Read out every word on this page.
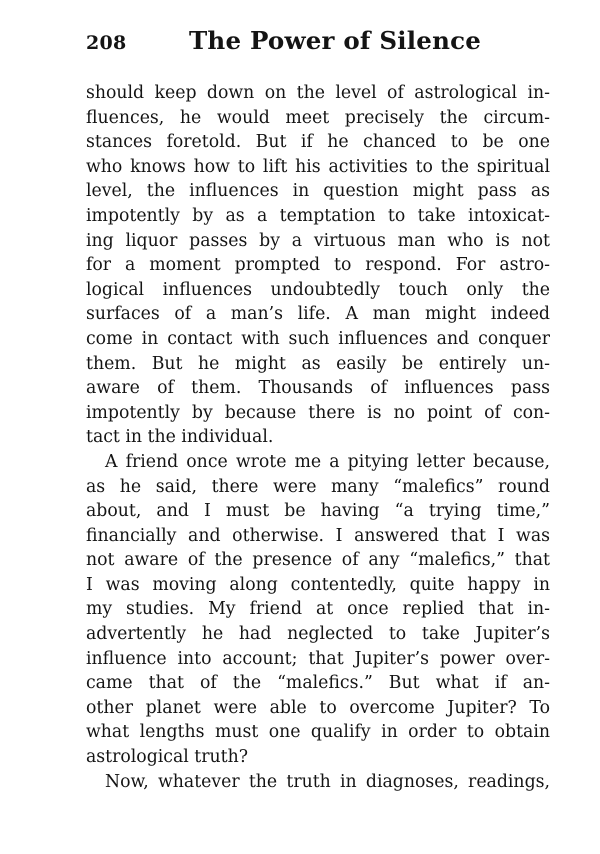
208	The Power of Silence
should keep down on the level of astrological in-
fluences, he would meet precisely the circum-
stances foretold. But if he chanced to be one
who knows how to lift his activities to the spiritual
level, the influences in question might pass as
impotently by as a temptation to take intoxicat-
ing liquor passes by a virtuous man who is not
for a moment prompted to respond. For astro-
logical influences undoubtedly touch only the
surfaces of a man’s life. A man might indeed
come in contact with such influences and conquer
them. But he might as easily be entirely un-
aware of them. Thousands of influences pass
impotently by because there is no point of con-
tact in the individual.
A friend once wrote me a pitying letter because,
as he said, there were many “malefics” round
about, and I must be having “a trying time,”
financially and otherwise. I answered that I was
not aware of the presence of any “malefics,” that
I was moving along contentedly, quite happy in
my studies. My friend at once replied that in-
advertently he had neglected to take Jupiter’s
influence into account; that Jupiter’s power over-
came that of the “malefics.” But what if an-
other planet were able to overcome Jupiter? To
what lengths must one qualify in order to obtain
astrological truth?
Now, whatever the truth in diagnoses, readings,
